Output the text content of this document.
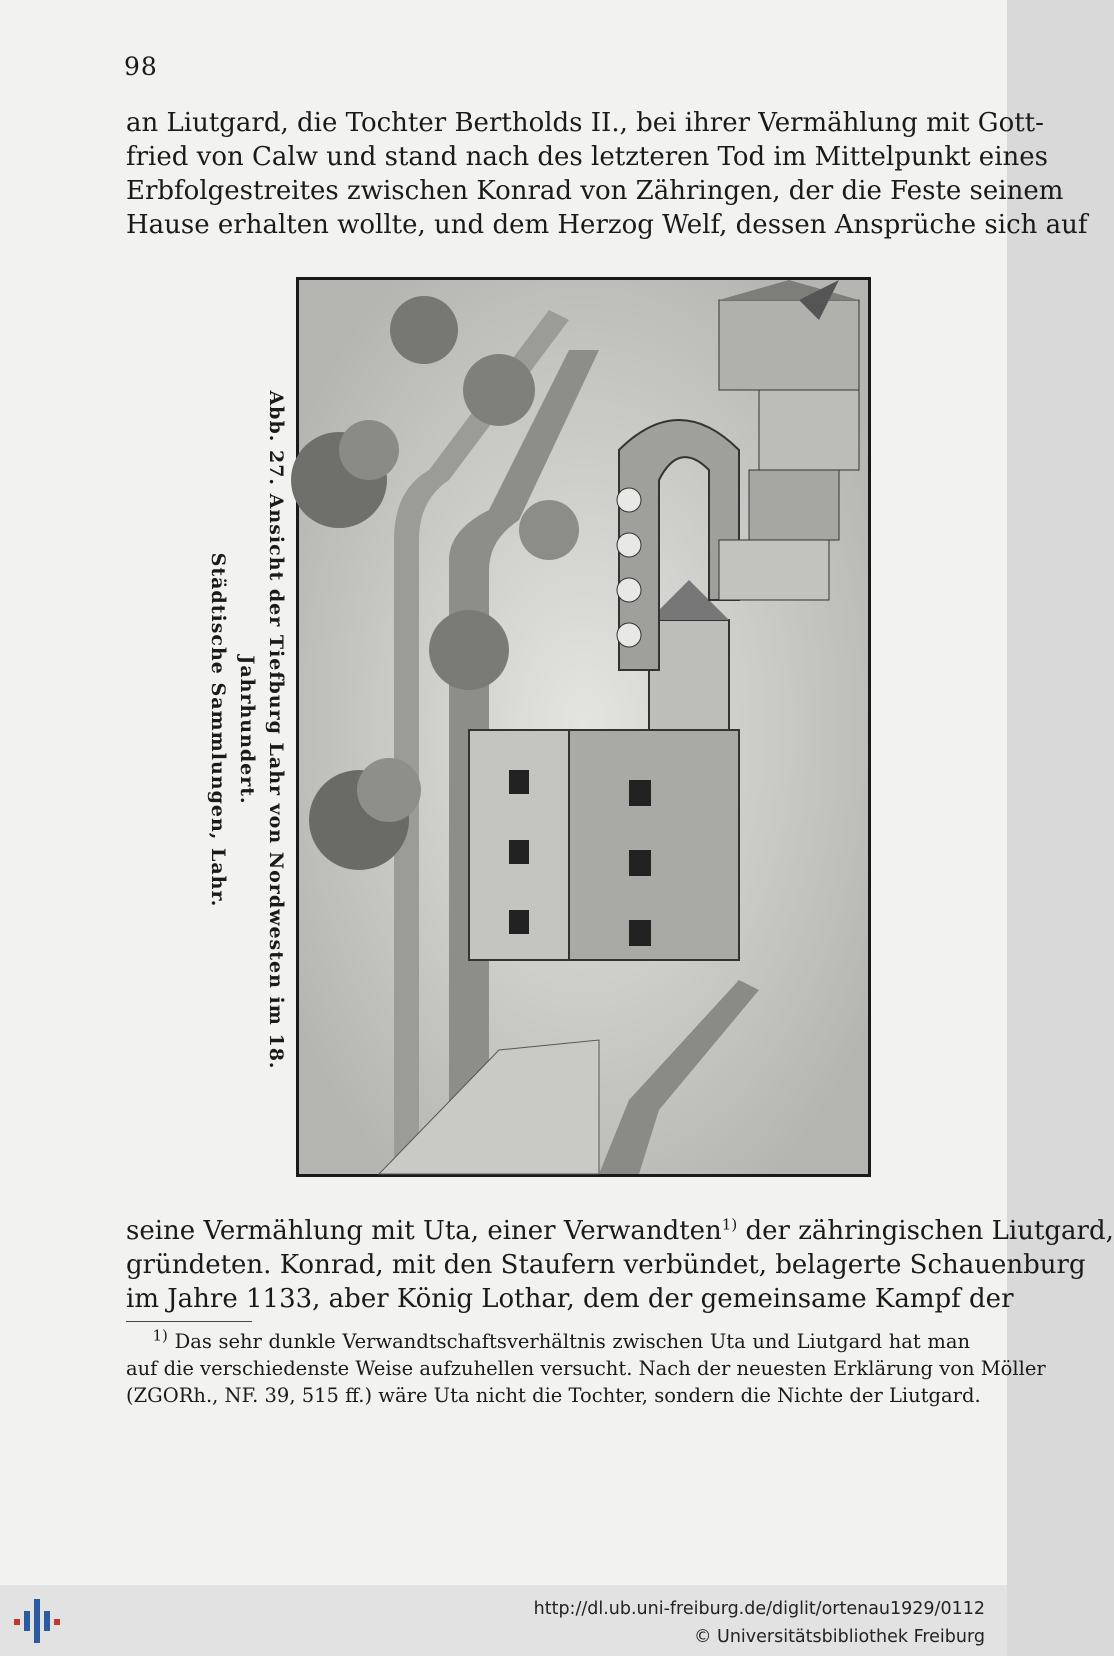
98
an Liutgard, die Tochter Bertholds II., bei ihrer Vermählung mit Gott-
fried von Calw und stand nach des letzteren Tod im Mittelpunkt eines
Erbfolgestreites zwischen Konrad von Zähringen, der die Feste seinem
Hause erhalten wollte, und dem Herzog Welf, dessen Ansprüche sich auf
Abb. 27. Ansicht der Tiefburg Lahr von Nordwesten im 18. Jahrhundert.
Städtische Sammlungen, Lahr.
seine Vermählung mit Uta, einer Verwandten$^{1)}$ der zähringischen Liutgard,
gründeten. Konrad, mit den Staufern verbündet, belagerte Schauenburg
im Jahre 1133, aber König Lothar, dem der gemeinsame Kampf der
$^{1)}$ Das sehr dunkle Verwandtschaftsverhältnis zwischen Uta und Liutgard hat man
auf die verschiedenste Weise aufzuhellen versucht. Nach der neuesten Erklärung von Möller
(ZGORh., NF. 39, 515 ff.) wäre Uta nicht die Tochter, sondern die Nichte der Liutgard.
http://dl.ub.uni-freiburg.de/diglit/ortenau1929/0112
© Universitätsbibliothek Freiburg
